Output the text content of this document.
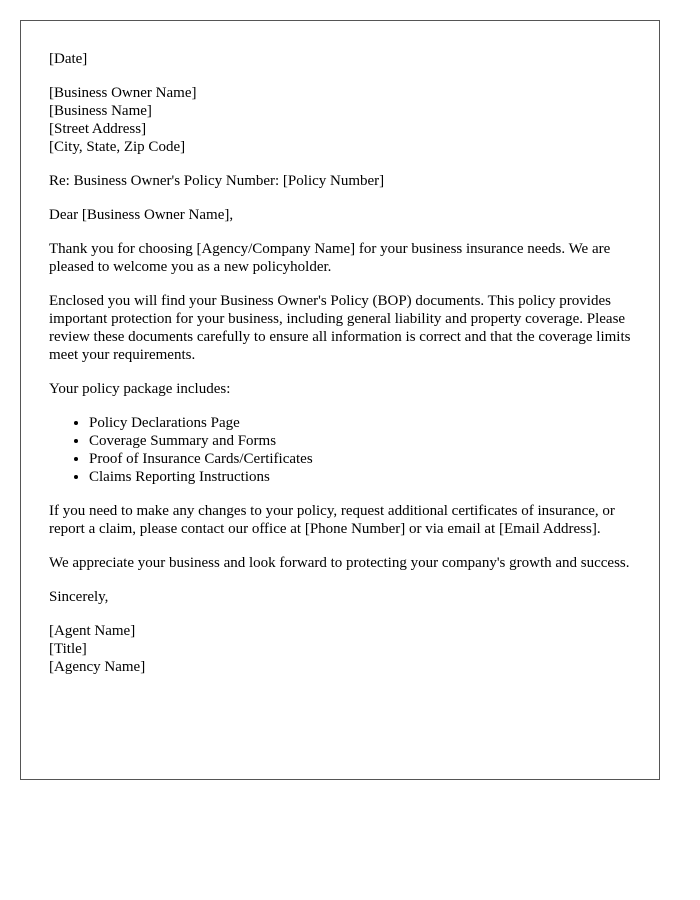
[Date]

[Business Owner Name]
[Business Name]
[Street Address]
[City, State, Zip Code]

Re: Business Owner's Policy Number: [Policy Number]

Dear [Business Owner Name],

Thank you for choosing [Agency/Company Name] for your business insurance needs. We are pleased to welcome you as a new policyholder.

Enclosed you will find your Business Owner's Policy (BOP) documents. This policy provides important protection for your business, including general liability and property coverage. Please review these documents carefully to ensure all information is correct and that the coverage limits meet your requirements.

Your policy package includes:

• Policy Declarations Page
• Coverage Summary and Forms
• Proof of Insurance Cards/Certificates
• Claims Reporting Instructions

If you need to make any changes to your policy, request additional certificates of insurance, or report a claim, please contact our office at [Phone Number] or via email at [Email Address].

We appreciate your business and look forward to protecting your company's growth and success.

Sincerely,

[Agent Name]
[Title]
[Agency Name]
